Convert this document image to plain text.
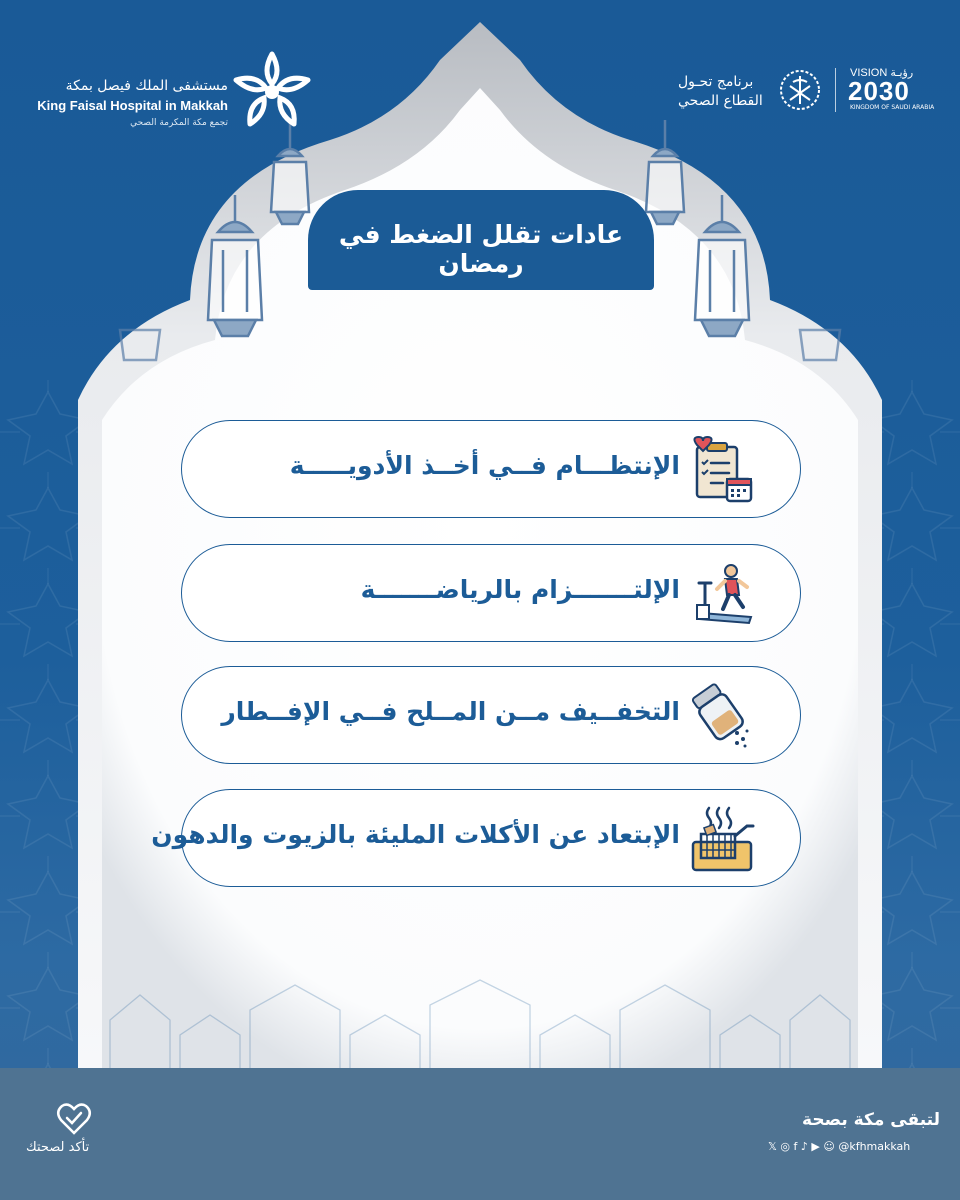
مستشفى الملك فيصل بمكة
King Faisal Hospital in Makkah
تجمع مكة المكرمة الصحي
برنامج تحـول
القطاع الصحي
VISION رؤيـة
2030
KINGDOM OF SAUDI ARABIA
عادات تقلل الضغط في رمضان
الإنتظـــام فــي أخــذ الأدويـــــة
الإلتـــــــزام بالرياضـــــــة
التخفــيف مــن المــلح فــي الإفــطار
الإبتعاد عن الأكلات المليئة بالزيوت والدهون
تأكد لصحتك
لتبقى مكة بصحة
𝕏 ◎ f ♪ ▶ ☺ @kfhmakkah
